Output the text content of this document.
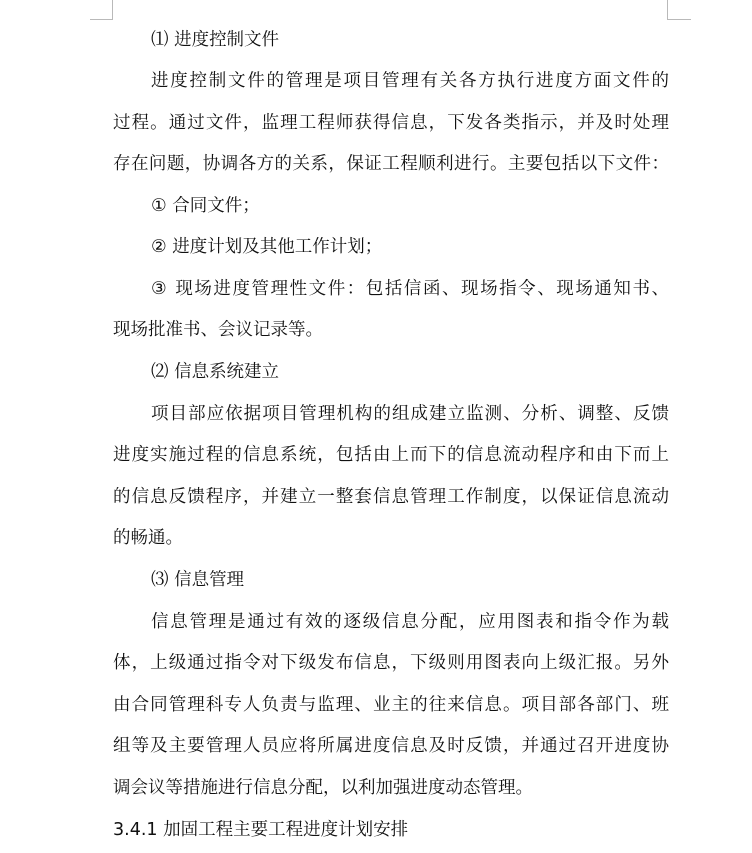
⑴ 进度控制文件
进度控制文件的管理是项目管理有关各方执行进度方面文件的
过程。通过文件，监理工程师获得信息，下发各类指示，并及时处理
存在问题，协调各方的关系，保证工程顺利进行。主要包括以下文件：
① 合同文件；
② 进度计划及其他工作计划；
③ 现场进度管理性文件：包括信函、现场指令、现场通知书、
现场批准书、会议记录等。
⑵ 信息系统建立
项目部应依据项目管理机构的组成建立监测、分析、调整、反馈
进度实施过程的信息系统，包括由上而下的信息流动程序和由下而上
的信息反馈程序，并建立一整套信息管理工作制度，以保证信息流动
的畅通。
⑶ 信息管理
信息管理是通过有效的逐级信息分配，应用图表和指令作为载
体，上级通过指令对下级发布信息，下级则用图表向上级汇报。另外
由合同管理科专人负责与监理、业主的往来信息。项目部各部门、班
组等及主要管理人员应将所属进度信息及时反馈，并通过召开进度协
调会议等措施进行信息分配，以利加强进度动态管理。
3.4.1 加固工程主要工程进度计划安排
